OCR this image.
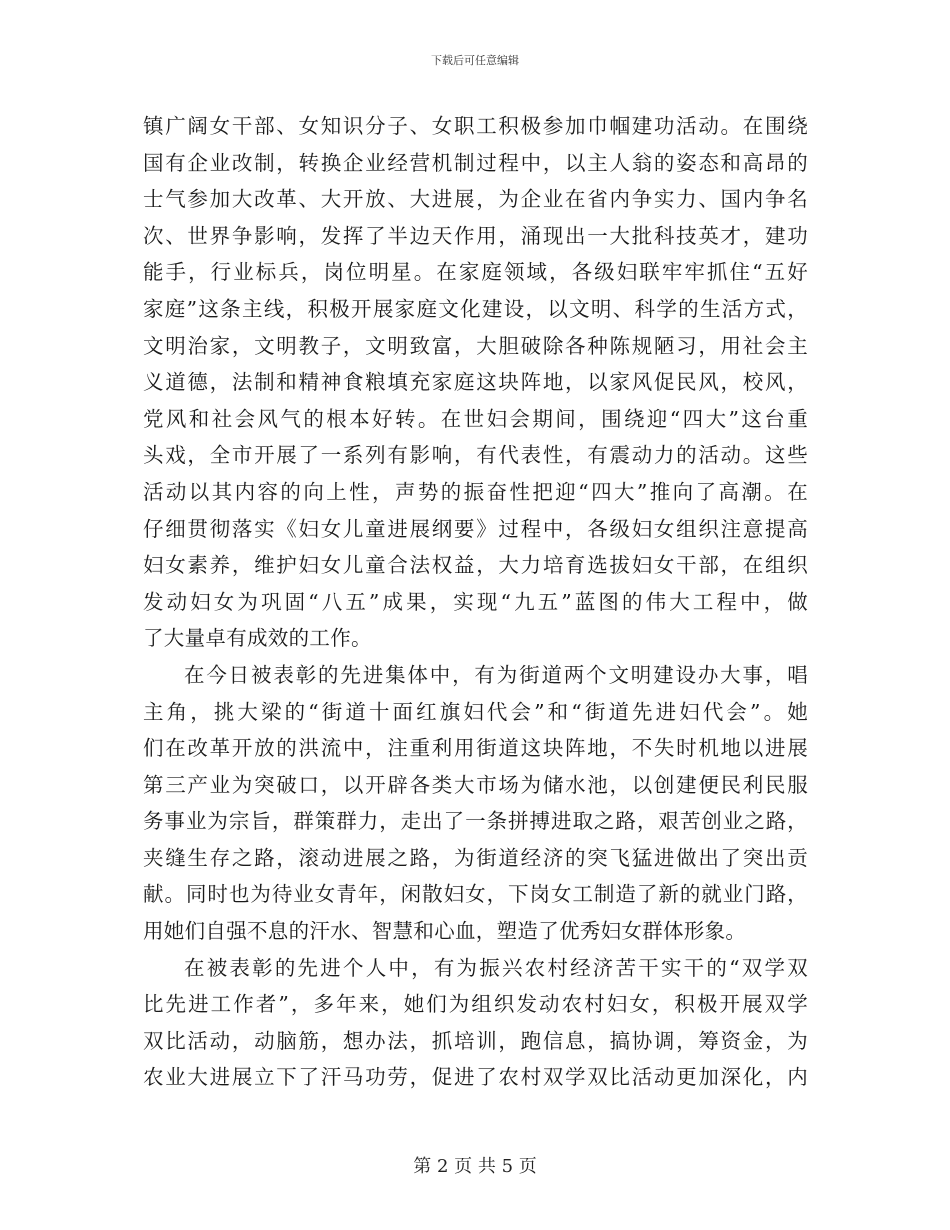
下载后可任意编辑
镇广阔女干部、女知识分子、女职工积极参加巾帼建功活动。在围绕
国有企业改制，转换企业经营机制过程中，以主人翁的姿态和高昂的
士气参加大改革、大开放、大进展，为企业在省内争实力、国内争名
次、世界争影响，发挥了半边天作用，涌现出一大批科技英才，建功
能手，行业标兵，岗位明星。在家庭领域，各级妇联牢牢抓住“五好
家庭”这条主线，积极开展家庭文化建设，以文明、科学的生活方式，
文明治家，文明教子，文明致富，大胆破除各种陈规陋习，用社会主
义道德，法制和精神食粮填充家庭这块阵地，以家风促民风，校风，
党风和社会风气的根本好转。在世妇会期间，围绕迎“四大”这台重
头戏，全市开展了一系列有影响，有代表性，有震动力的活动。这些
活动以其内容的向上性，声势的振奋性把迎“四大”推向了高潮。在
仔细贯彻落实《妇女儿童进展纲要》过程中，各级妇女组织注意提高
妇女素养，维护妇女儿童合法权益，大力培育选拔妇女干部，在组织
发动妇女为巩固“八五”成果，实现“九五”蓝图的伟大工程中，做
了大量卓有成效的工作。
在今日被表彰的先进集体中，有为街道两个文明建设办大事，唱
主角，挑大梁的“街道十面红旗妇代会”和“街道先进妇代会”。她
们在改革开放的洪流中，注重利用街道这块阵地，不失时机地以进展
第三产业为突破口，以开辟各类大市场为储水池，以创建便民利民服
务事业为宗旨，群策群力，走出了一条拼搏进取之路，艰苦创业之路，
夹缝生存之路，滚动进展之路，为街道经济的突飞猛进做出了突出贡
献。同时也为待业女青年，闲散妇女，下岗女工制造了新的就业门路，
用她们自强不息的汗水、智慧和心血，塑造了优秀妇女群体形象。
在被表彰的先进个人中，有为振兴农村经济苦干实干的“双学双
比先进工作者”，多年来，她们为组织发动农村妇女，积极开展双学
双比活动，动脑筋，想办法，抓培训，跑信息，搞协调，筹资金，为
农业大进展立下了汗马功劳，促进了农村双学双比活动更加深化，内
第 2 页 共 5 页
